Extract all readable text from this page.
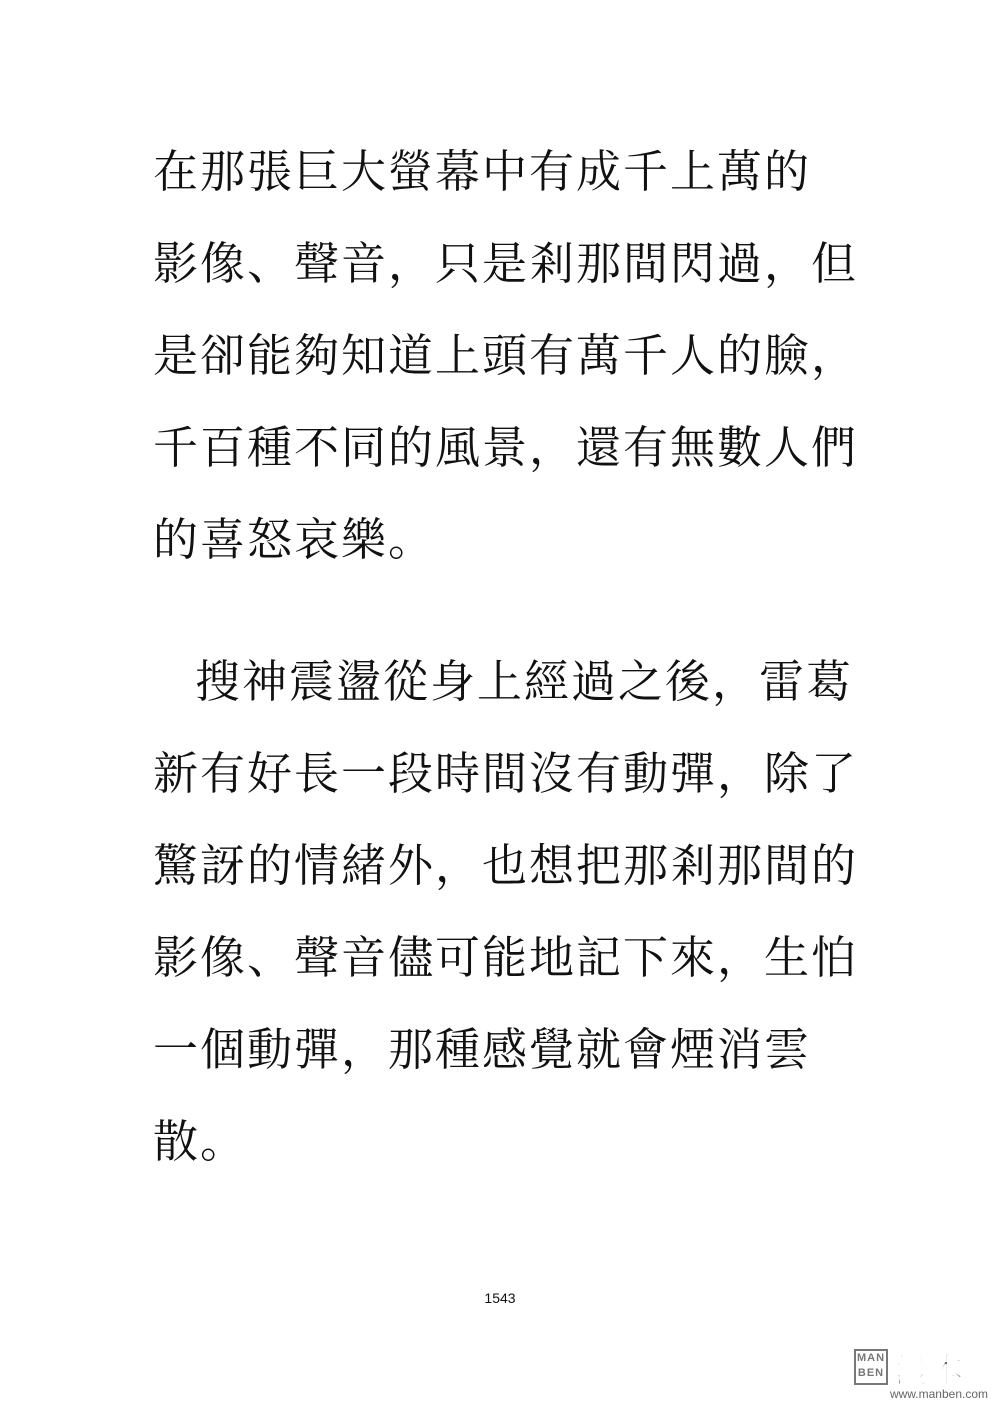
在那張巨大螢幕中有成千上萬的
影像、聲音，只是剎那間閃過，但
是卻能夠知道上頭有萬千人的臉，
千百種不同的風景，還有無數人們
的喜怒哀樂。
搜神震盪從身上經過之後，雷葛
新有好長一段時間沒有動彈，除了
驚訝的情緒外，也想把那剎那間的
影像、聲音儘可能地記下來，生怕
一個動彈，那種感覺就會煙消雲
散。
1543
MAN
BEN 漫本
www.manben.com
